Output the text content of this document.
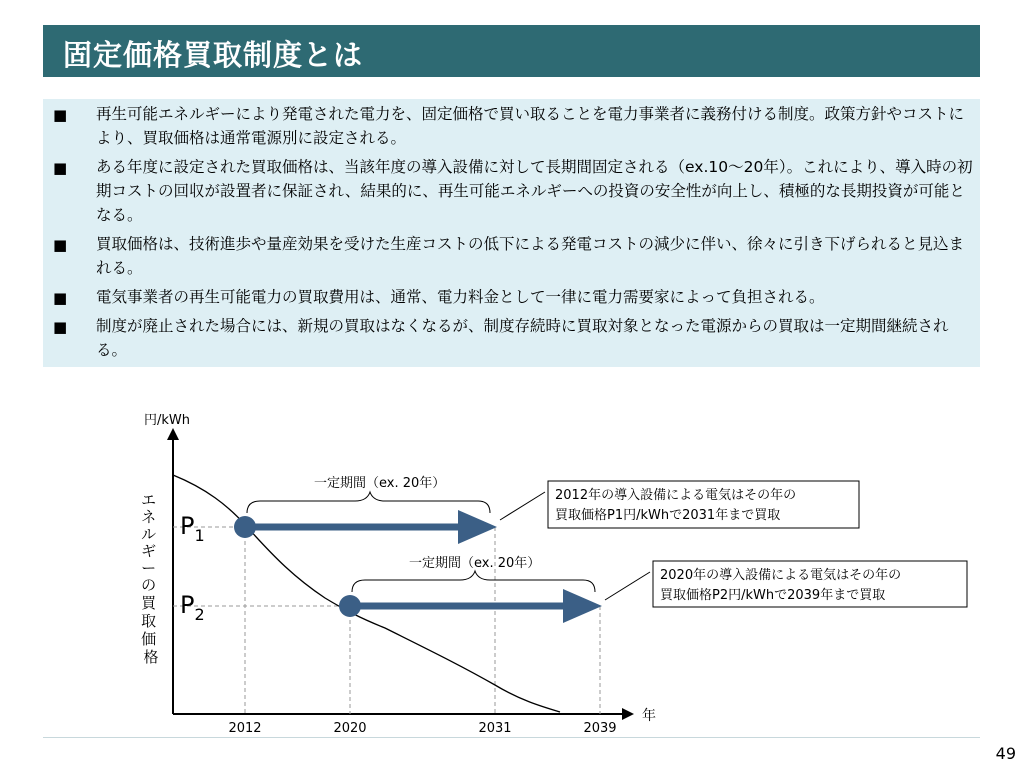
固定価格買取制度とは
■ 再生可能エネルギーにより発電された電力を、固定価格で買い取ることを電力事業者に義務付ける制度。政策方針やコストにより、買取価格は通常電源別に設定される。
■ ある年度に設定された買取価格は、当該年度の導入設備に対して長期間固定される（ex.10～20年）。これにより、導入時の初期コストの回収が設置者に保証され、結果的に、再生可能エネルギーへの投資の安全性が向上し、積極的な長期投資が可能となる。
■ 買取価格は、技術進歩や量産効果を受けた生産コストの低下による発電コストの減少に伴い、徐々に引き下げられると見込まれる。
■ 電気事業者の再生可能電力の買取費用は、通常、電力料金として一律に電力需要家によって負担される。
■ 制度が廃止された場合には、新規の買取はなくなるが、制度存続時に買取対象となった電源からの買取は一定期間継続される。
円/kWh
年
エ ネ ル ギ ー の 買 取 価 格
$P_1$
$P_2$
一定期間（ex. 20年）
一定期間（ex. 20年）
2012年の導入設備による電気はその年の 買取価格P1円/kWhで2031年まで買取
2020年の導入設備による電気はその年の 買取価格P2円/kWhで2039年まで買取
2012	2020	2031	2039
49
